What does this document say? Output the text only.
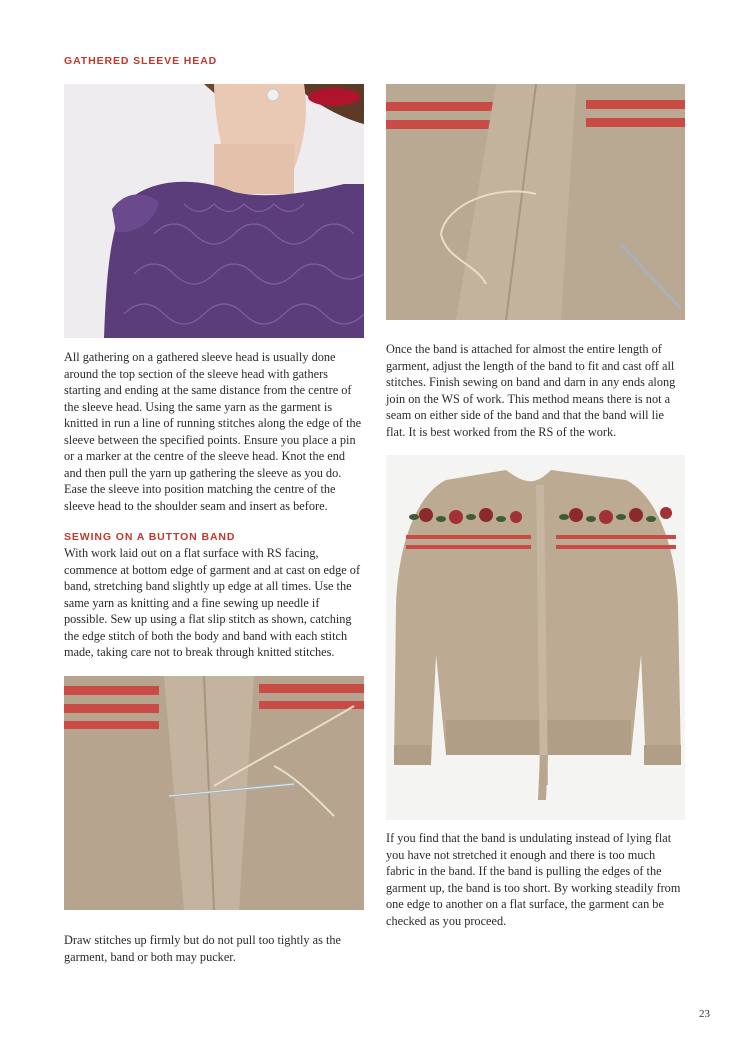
GATHERED SLEEVE HEAD

All gathering on a gathered sleeve head is usually done around the top section of the sleeve head with gathers starting and ending at the same distance from the centre of the sleeve head. Using the same yarn as the garment is knitted in run a line of running stitches along the edge of the sleeve between the specified points. Ensure you place a pin or a marker at the centre of the sleeve head. Knot the end and then pull the yarn up gathering the sleeve as you do. Ease the sleeve into position matching the centre of the sleeve head to the shoulder seam and insert as before.

SEWING ON A BUTTON BAND

With work laid out on a flat surface with RS facing, commence at bottom edge of garment and at cast on edge of band, stretching band slightly up edge at all times. Use the same yarn as knitting and a fine sewing up needle if possible. Sew up using a flat slip stitch as shown, catching the edge stitch of both the body and band with each stitch made, taking care not to break through knitted stitches.

Draw stitches up firmly but do not pull too tightly as the garment, band or both may pucker.

Once the band is attached for almost the entire length of garment, adjust the length of the band to fit and cast off all stitches. Finish sewing on band and darn in any ends along join on the WS of work. This method means there is not a seam on either side of the band and that the band will lie flat. It is best worked from the RS of the work.

If you find that the band is undulating instead of lying flat you have not stretched it enough and there is too much fabric in the band. If the band is pulling the edges of the garment up, the band is too short. By working steadily from one edge to another on a flat surface, the garment can be checked as you proceed.

23
